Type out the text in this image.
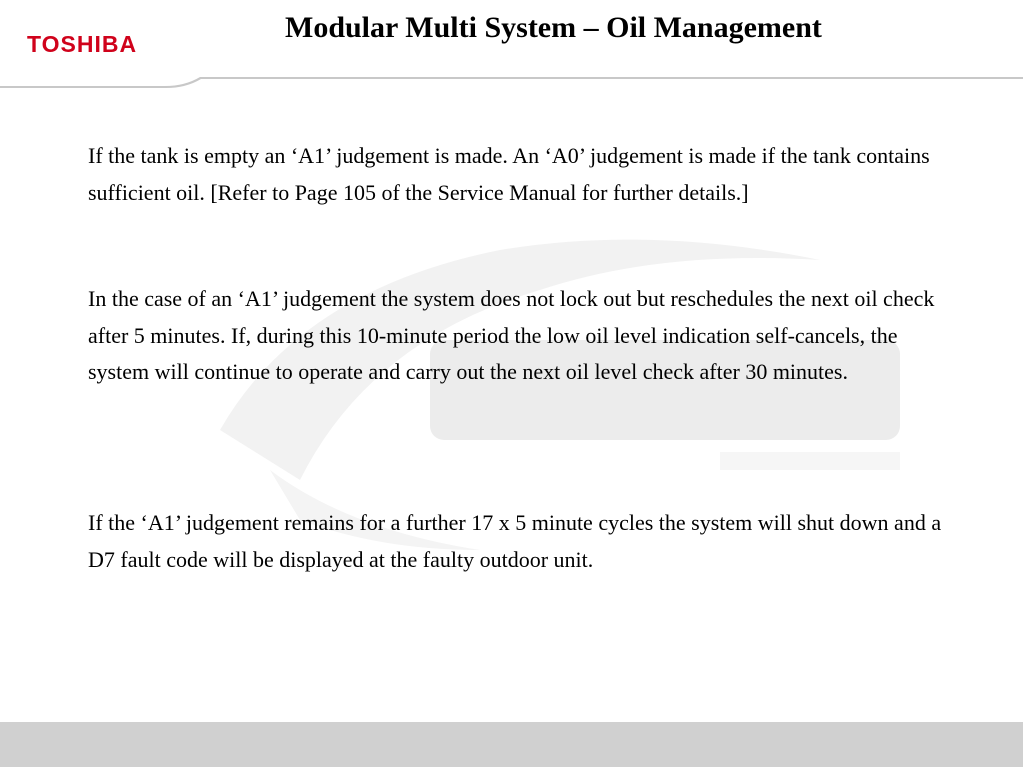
TOSHIBA	Modular Multi System – Oil Management
If the tank is empty an ‘A1’ judgement is made. An ‘A0’ judgement is made if the tank contains sufficient oil. [Refer to Page 105 of the Service Manual for further details.]
In the case of an ‘A1’ judgement the system does not lock out but reschedules the next oil check after 5 minutes. If, during this 10-minute period the low oil level indication self-cancels, the system will continue to operate and carry out the next oil level check after 30 minutes.
If the ‘A1’ judgement remains for a further 17 x 5 minute cycles the system will shut down and a D7 fault code will be displayed at the faulty outdoor unit.
